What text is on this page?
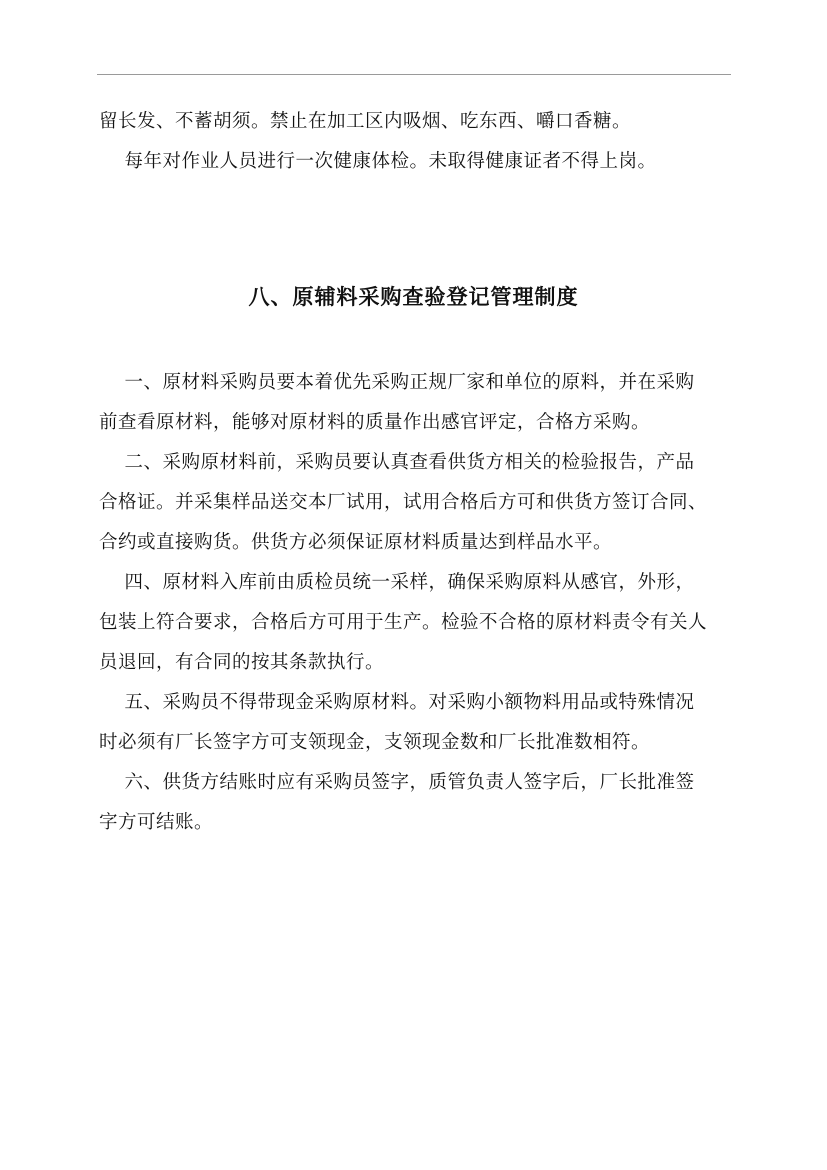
留长发、不蓄胡须。禁止在加工区内吸烟、吃东西、嚼口香糖。

每年对作业人员进行一次健康体检。未取得健康证者不得上岗。

八、原辅料采购查验登记管理制度

一、原材料采购员要本着优先采购正规厂家和单位的原料，并在采购

前查看原材料，能够对原材料的质量作出感官评定，合格方采购。

二、采购原材料前，采购员要认真查看供货方相关的检验报告，产品

合格证。并采集样品送交本厂试用，试用合格后方可和供货方签订合同、

合约或直接购货。供货方必须保证原材料质量达到样品水平。

四、原材料入库前由质检员统一采样，确保采购原料从感官，外形，

包装上符合要求，合格后方可用于生产。检验不合格的原材料责令有关人

员退回，有合同的按其条款执行。

五、采购员不得带现金采购原材料。对采购小额物料用品或特殊情况

时必须有厂长签字方可支领现金，支领现金数和厂长批准数相符。

六、供货方结账时应有采购员签字，质管负责人签字后，厂长批准签

字方可结账。
